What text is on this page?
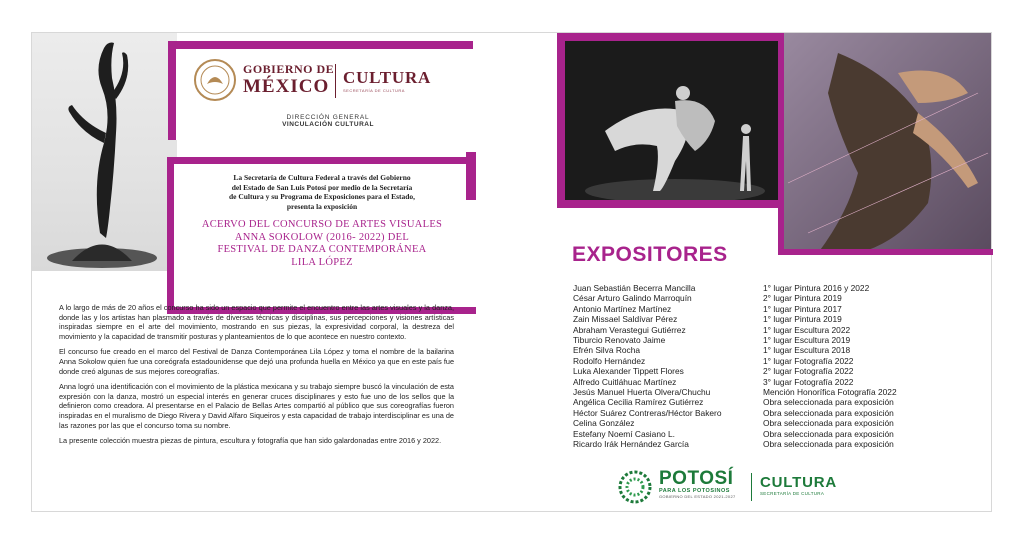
GOBIERNO DE
MÉXICO CULTURA
SECRETARÍA DE CULTURA
DIRECCIÓN GENERAL
VINCULACIÓN CULTURAL
La Secretaría de Cultura Federal a través del Gobierno
del Estado de San Luis Potosí por medio de la Secretaría
de Cultura y su Programa de Exposiciones para el Estado,
presenta la exposición
ACERVO DEL CONCURSO DE ARTES VISUALES
ANNA SOKOLOW (2016- 2022) DEL
FESTIVAL DE DANZA CONTEMPORÁNEA
LILA LÓPEZ

A lo largo de más de 20 años el concurso ha sido un espacio que permite el encuentro entre las artes visuales y la danza, donde las y los artistas han plasmado a través de diversas técnicas y disciplinas, sus percepciones y visiones artísticas inspiradas siempre en el arte del movimiento, mostrando en sus piezas, la expresividad corporal, la destreza del movimiento y la capacidad de transmitir posturas y planteamientos de lo que acontece en nuestro contexto.

El concurso fue creado en el marco del Festival de Danza Contemporánea Lila López y toma el nombre de la bailarina Anna Sokolow quien fue una coreógrafa estadounidense que dejó una profunda huella en México ya que en este país fue donde creó algunas de sus mejores coreografías.

Anna logró una identificación con el movimiento de la plástica mexicana y su trabajo siempre buscó la vinculación de esta expresión con la danza, mostró un especial interés en generar cruces disciplinares y esto fue uno de los sellos que la definieron como creadora. Al presentarse en el Palacio de Bellas Artes compartió al público que sus coreografías fueron inspiradas en el muralismo de Diego Rivera y David Alfaro Siqueiros y esta capacidad de trabajo interdisciplinar es una de las razones por las que el concurso toma su nombre.

La presente colección muestra piezas de pintura, escultura y fotografía que han sido galardonadas entre 2016 y 2022.

EXPOSITORES
Juan Sebastián Becerra Mancilla	1° lugar Pintura 2016 y 2022
César Arturo Galindo Marroquín	2° lugar Pintura 2019
Antonio Martínez Martínez	1° lugar Pintura 2017
Zain Missael Saldívar Pérez	1° lugar Pintura 2019
Abraham Verastegui Gutiérrez	1° lugar Escultura 2022
Tiburcio Renovato Jaime	1° lugar Escultura 2019
Efrén Silva Rocha	1° lugar Escultura 2018
Rodolfo Hernández	1° lugar Fotografía 2022
Luka Alexander Tippett Flores	2° lugar Fotografía 2022
Alfredo Cuitláhuac Martínez	3° lugar Fotografía 2022
Jesús Manuel Huerta Olvera/Chuchu	Mención Honorífica Fotografía 2022
Angélica Cecilia Ramírez Gutiérrez	Obra seleccionada para exposición
Héctor Suárez Contreras/Héctor Bakero	Obra seleccionada para exposición
Celina González	Obra seleccionada para exposición
Estefany Noemí Casiano L.	Obra seleccionada para exposición
Ricardo Irák Hernández García	Obra seleccionada para exposición
POTOSÍ
PARA LOS POTOSINOS
GOBIERNO DEL ESTADO 2021-2027
CULTURA
SECRETARÍA DE CULTURA
